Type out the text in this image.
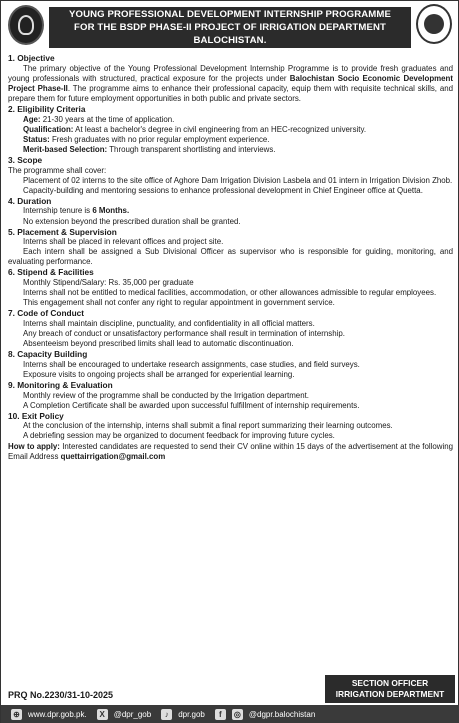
YOUNG PROFESSIONAL DEVELOPMENT INTERNSHIP PROGRAMME
FOR THE BSDP PHASE-II PROJECT OF IRRIGATION DEPARTMENT
BALOCHISTAN.
1. Objective
The primary objective of the Young Professional Development Internship Programme is to provide fresh graduates and young professionals with structured, practical exposure for the projects under Balochistan Socio Economic Development Project Phase-II. The programme aims to enhance their professional capacity, equip them with requisite technical skills, and prepare them for future employment opportunities in both public and private sectors.
2. Eligibility Criteria
Age: 21-30 years at the time of application.
Qualification: At least a bachelor's degree in civil engineering from an HEC-recognized university.
Status: Fresh graduates with no prior regular employment experience.
Merit-based Selection: Through transparent shortlisting and interviews.
3. Scope
The programme shall cover:
Placement of 02 interns to the site office of Aghore Dam Irrigation Division Lasbela and 01 intern in Irrigation Division Zhob.
Capacity-building and mentoring sessions to enhance professional development in Chief Engineer office at Quetta.
4. Duration
Internship tenure is 6 Months.
No extension beyond the prescribed duration shall be granted.
5. Placement & Supervision
Interns shall be placed in relevant offices and project site.
Each intern shall be assigned a Sub Divisional Officer as supervisor who is responsible for guiding, monitoring, and evaluating performance.
6. Stipend & Facilities
Monthly Stipend/Salary: Rs. 35,000 per graduate
Interns shall not be entitled to medical facilities, accommodation, or other allowances admissible to regular employees.
This engagement shall not confer any right to regular appointment in government service.
7. Code of Conduct
Interns shall maintain discipline, punctuality, and confidentiality in all official matters.
Any breach of conduct or unsatisfactory performance shall result in termination of internship.
Absenteeism beyond prescribed limits shall lead to automatic discontinuation.
8. Capacity Building
Interns shall be encouraged to undertake research assignments, case studies, and field surveys.
Exposure visits to ongoing projects shall be arranged for experiential learning.
9. Monitoring & Evaluation
Monthly review of the programme shall be conducted by the Irrigation department.
A Completion Certificate shall be awarded upon successful fulfillment of internship requirements.
10. Exit Policy
At the conclusion of the internship, interns shall submit a final report summarizing their learning outcomes.
A debriefing session may be organized to document feedback for improving future cycles.
How to apply: Interested candidates are requested to send their CV online within 15 days of the advertisement at the following Email Address quettairrigation@gmail.com
PRQ No.2230/31-10-2025
SECTION OFFICER
IRRIGATION DEPARTMENT
⊕ www.dpr.gob.pk.	X	@dpr_gob	♪	dpr.gob	f	◎ @dgpr.balochistan
